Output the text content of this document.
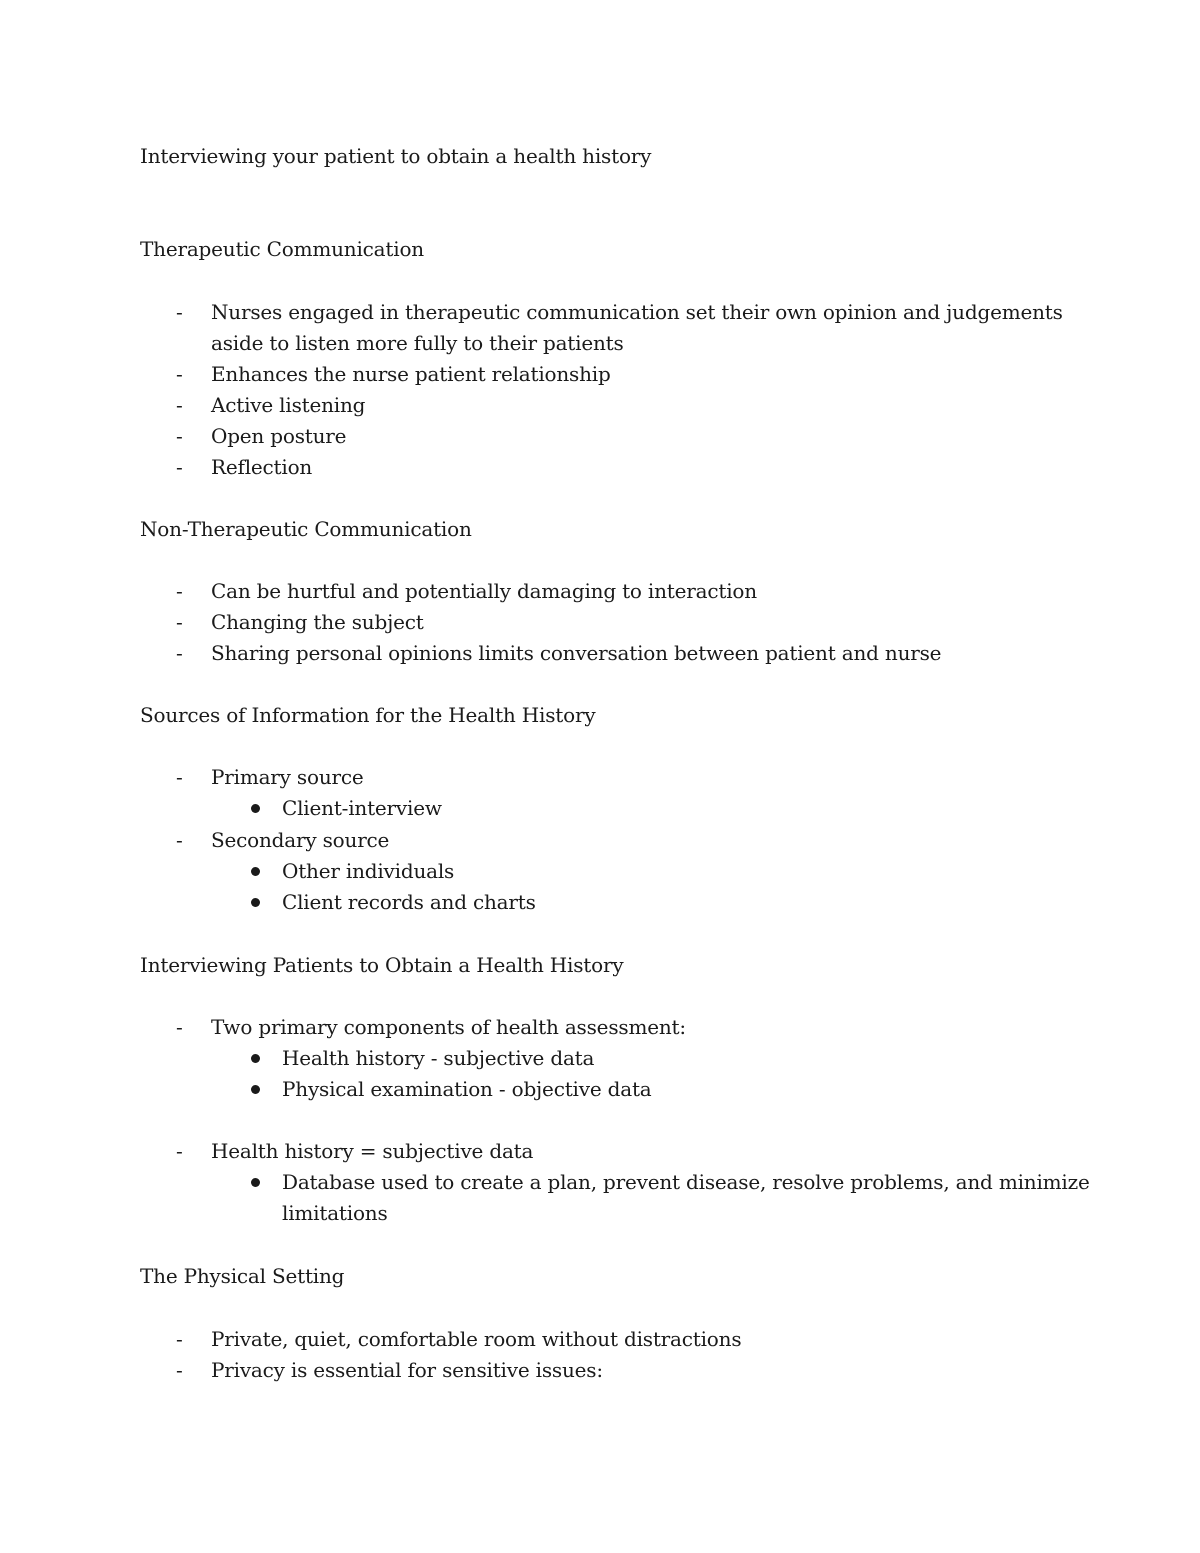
Interviewing your patient to obtain a health history
Therapeutic Communication
- Nurses engaged in therapeutic communication set their own opinion and judgements
aside to listen more fully to their patients
- Enhances the nurse patient relationship
- Active listening
- Open posture
- Reflection
Non-Therapeutic Communication
- Can be hurtful and potentially damaging to interaction
- Changing the subject
- Sharing personal opinions limits conversation between patient and nurse
Sources of Information for the Health History
- Primary source
Client-interview
- Secondary source
Other individuals
Client records and charts
Interviewing Patients to Obtain a Health History
- Two primary components of health assessment:
Health history - subjective data
Physical examination - objective data
- Health history = subjective data
Database used to create a plan, prevent disease, resolve problems, and minimize
limitations
The Physical Setting
- Private, quiet, comfortable room without distractions
- Privacy is essential for sensitive issues:
